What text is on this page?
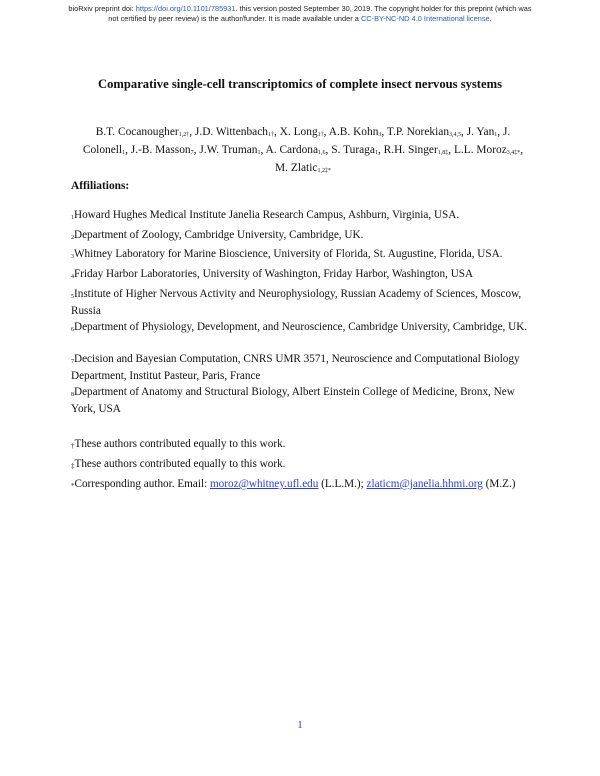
bioRxiv preprint doi: https://doi.org/10.1101/785931. this version posted September 30, 2019. The copyright holder for this preprint (which was
not certified by peer review) is the author/funder. It is made available under a CC-BY-NC-ND 4.0 International license.
Comparative single-cell transcriptomics of complete insect nervous systems
B.T. Cocanougher$_{1,2\dagger}$, J.D. Wittenbach$_{1\dagger}$, X. Long$_{1\dagger}$, A.B. Kohn$_3$, T.P. Norekian$_{3,4,5}$, J. Yan$_1$, J. Colonell$_1$, J.-B. Masson$_7$, J.W. Truman$_1$, A. Cardona$_{1,6}$, S. Turaga$_1$, R.H. Singer$_{1,8\ddagger}$, L.L. Moroz$_{3,4\ddagger*}$, M. Zlatic$_{1,2\ddagger*}$
Affiliations:
1Howard Hughes Medical Institute Janelia Research Campus, Ashburn, Virginia, USA.
2Department of Zoology, Cambridge University, Cambridge, UK.
3Whitney Laboratory for Marine Bioscience, University of Florida, St. Augustine, Florida, USA.
4Friday Harbor Laboratories, University of Washington, Friday Harbor, Washington, USA
5Institute of Higher Nervous Activity and Neurophysiology, Russian Academy of Sciences, Moscow, Russia
6Department of Physiology, Development, and Neuroscience, Cambridge University, Cambridge, UK.
7Decision and Bayesian Computation, CNRS UMR 3571, Neuroscience and Computational Biology Department, Institut Pasteur, Paris, France
8Department of Anatomy and Structural Biology, Albert Einstein College of Medicine, Bronx, New York, USA
†These authors contributed equally to this work.
‡These authors contributed equally to this work.
*Corresponding author. Email: moroz@whitney.ufl.edu (L.L.M.); zlaticm@janelia.hhmi.org (M.Z.)
1
